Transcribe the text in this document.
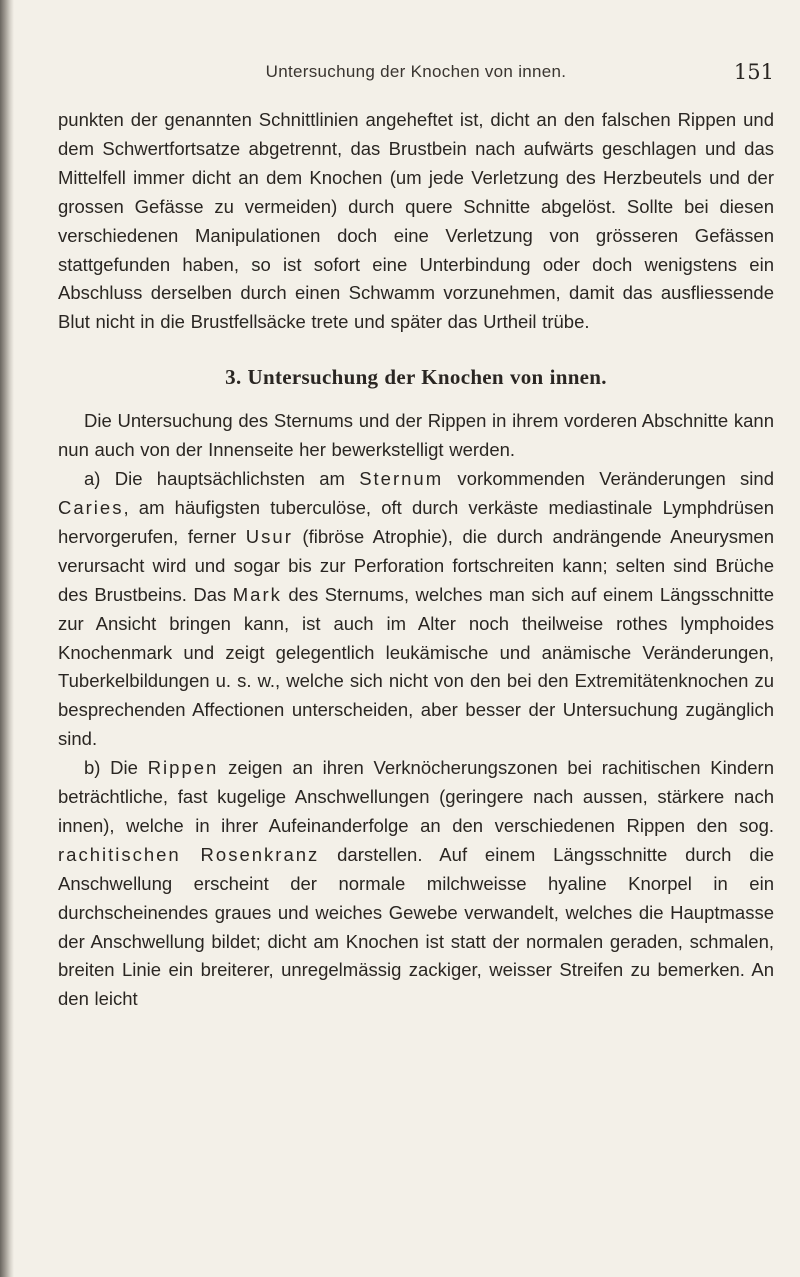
Untersuchung der Knochen von innen.	151

punkten der genannten Schnittlinien angeheftet ist, dicht an den falschen Rippen und dem Schwertfortsatze abgetrennt, das Brustbein nach aufwärts geschlagen und das Mittelfell immer dicht an dem Knochen (um jede Verletzung des Herzbeutels und der grossen Gefässe zu vermeiden) durch quere Schnitte abgelöst. Sollte bei diesen verschiedenen Manipulationen doch eine Verletzung von grösseren Gefässen stattgefunden haben, so ist sofort eine Unterbindung oder doch wenigstens ein Abschluss derselben durch einen Schwamm vorzunehmen, damit das ausfliessende Blut nicht in die Brustfellsäcke trete und später das Urtheil trübe.

3. Untersuchung der Knochen von innen.

Die Untersuchung des Sternums und der Rippen in ihrem vorderen Abschnitte kann nun auch von der Innenseite her bewerkstelligt werden.

a) Die hauptsächlichsten am Sternum vorkommenden Veränderungen sind Caries, am häufigsten tuberculöse, oft durch verkäste mediastinale Lymphdrüsen hervorgerufen, ferner Usur (fibröse Atrophie), die durch andrängende Aneurysmen verursacht wird und sogar bis zur Perforation fortschreiten kann; selten sind Brüche des Brustbeins. Das Mark des Sternums, welches man sich auf einem Längsschnitte zur Ansicht bringen kann, ist auch im Alter noch theilweise rothes lymphoides Knochenmark und zeigt gelegentlich leukämische und anämische Veränderungen, Tuberkelbildungen u. s. w., welche sich nicht von den bei den Extremitätenknochen zu besprechenden Affectionen unterscheiden, aber besser der Untersuchung zugänglich sind.

b) Die Rippen zeigen an ihren Verknöcherungszonen bei rachitischen Kindern beträchtliche, fast kugelige Anschwellungen (geringere nach aussen, stärkere nach innen), welche in ihrer Aufeinanderfolge an den verschiedenen Rippen den sog. rachitischen Rosenkranz darstellen. Auf einem Längsschnitte durch die Anschwellung erscheint der normale milchweisse hyaline Knorpel in ein durchscheinendes graues und weiches Gewebe verwandelt, welches die Hauptmasse der Anschwellung bildet; dicht am Knochen ist statt der normalen geraden, schmalen, breiten Linie ein breiterer, unregelmässig zackiger, weisser Streifen zu bemerken. An den leicht
